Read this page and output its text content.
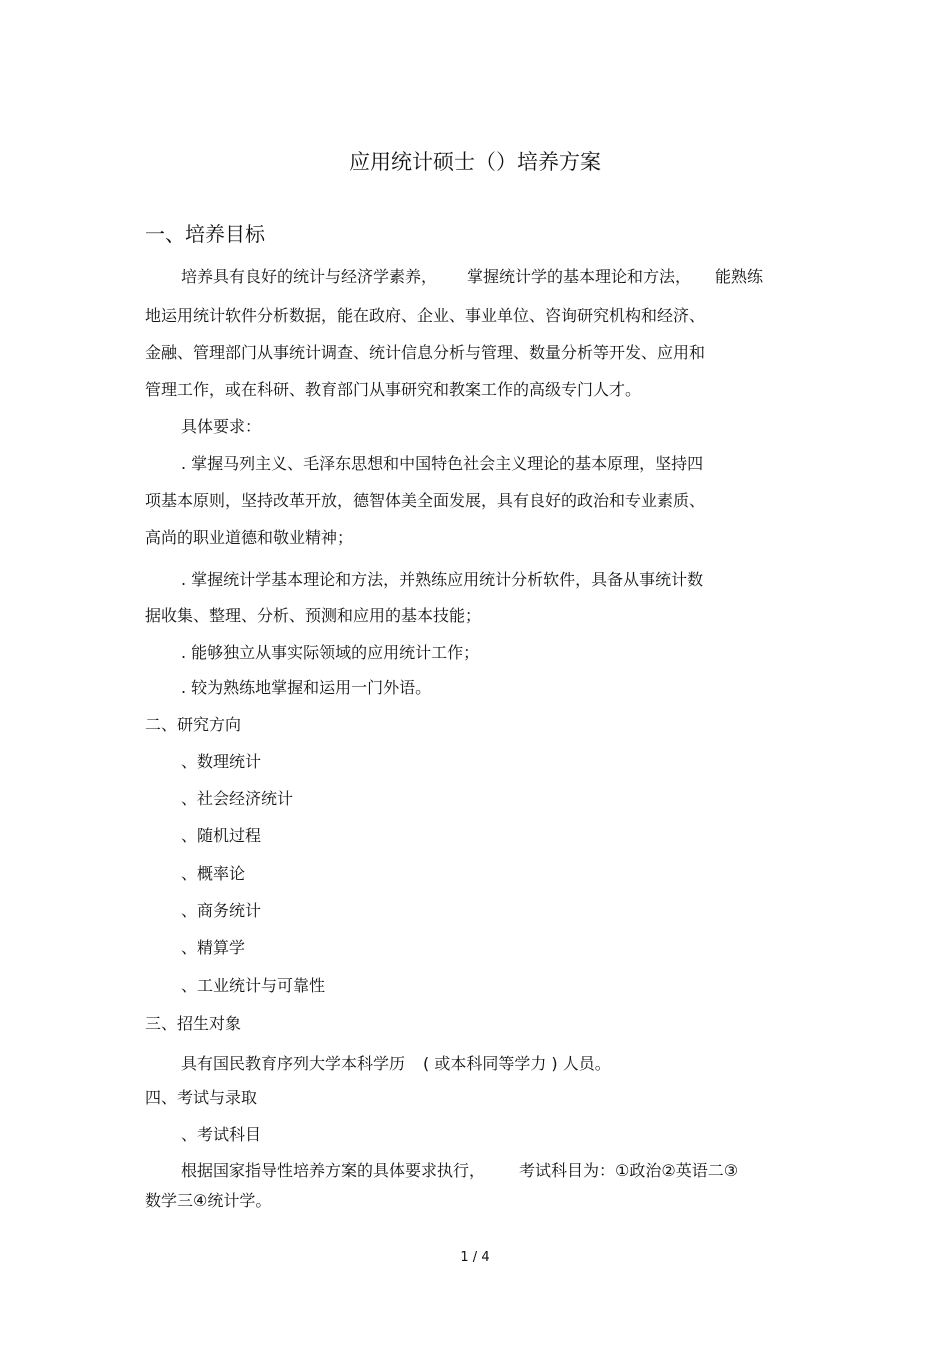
应用统计硕士（）培养方案
一、培养目标
培养具有良好的统计与经济学素养， 掌握统计学的基本理论和方法， 能熟练
地运用统计软件分析数据，能在政府、企业、事业单位、咨询研究机构和经济、
金融、管理部门从事统计调查、统计信息分析与管理、数量分析等开发、应用和
管理工作，或在科研、教育部门从事研究和教案工作的高级专门人才。
具体要求：
. 掌握马列主义、毛泽东思想和中国特色社会主义理论的基本原理，坚持四
项基本原则，坚持改革开放，德智体美全面发展，具有良好的政治和专业素质、
高尚的职业道德和敬业精神；
. 掌握统计学基本理论和方法，并熟练应用统计分析软件，具备从事统计数
据收集、整理、分析、预测和应用的基本技能；
. 能够独立从事实际领域的应用统计工作；
. 较为熟练地掌握和运用一门外语。
二、研究方向
、数理统计
、社会经济统计
、随机过程
、概率论
、商务统计
、精算学
、工业统计与可靠性
三、招生对象
具有国民教育序列大学本科学历 ( 或本科同等学力 ) 人员。
四、考试与录取
、考试科目
根据国家指导性培养方案的具体要求执行， 考试科目为：①政治②英语二③
数学三④统计学。
1 / 4
